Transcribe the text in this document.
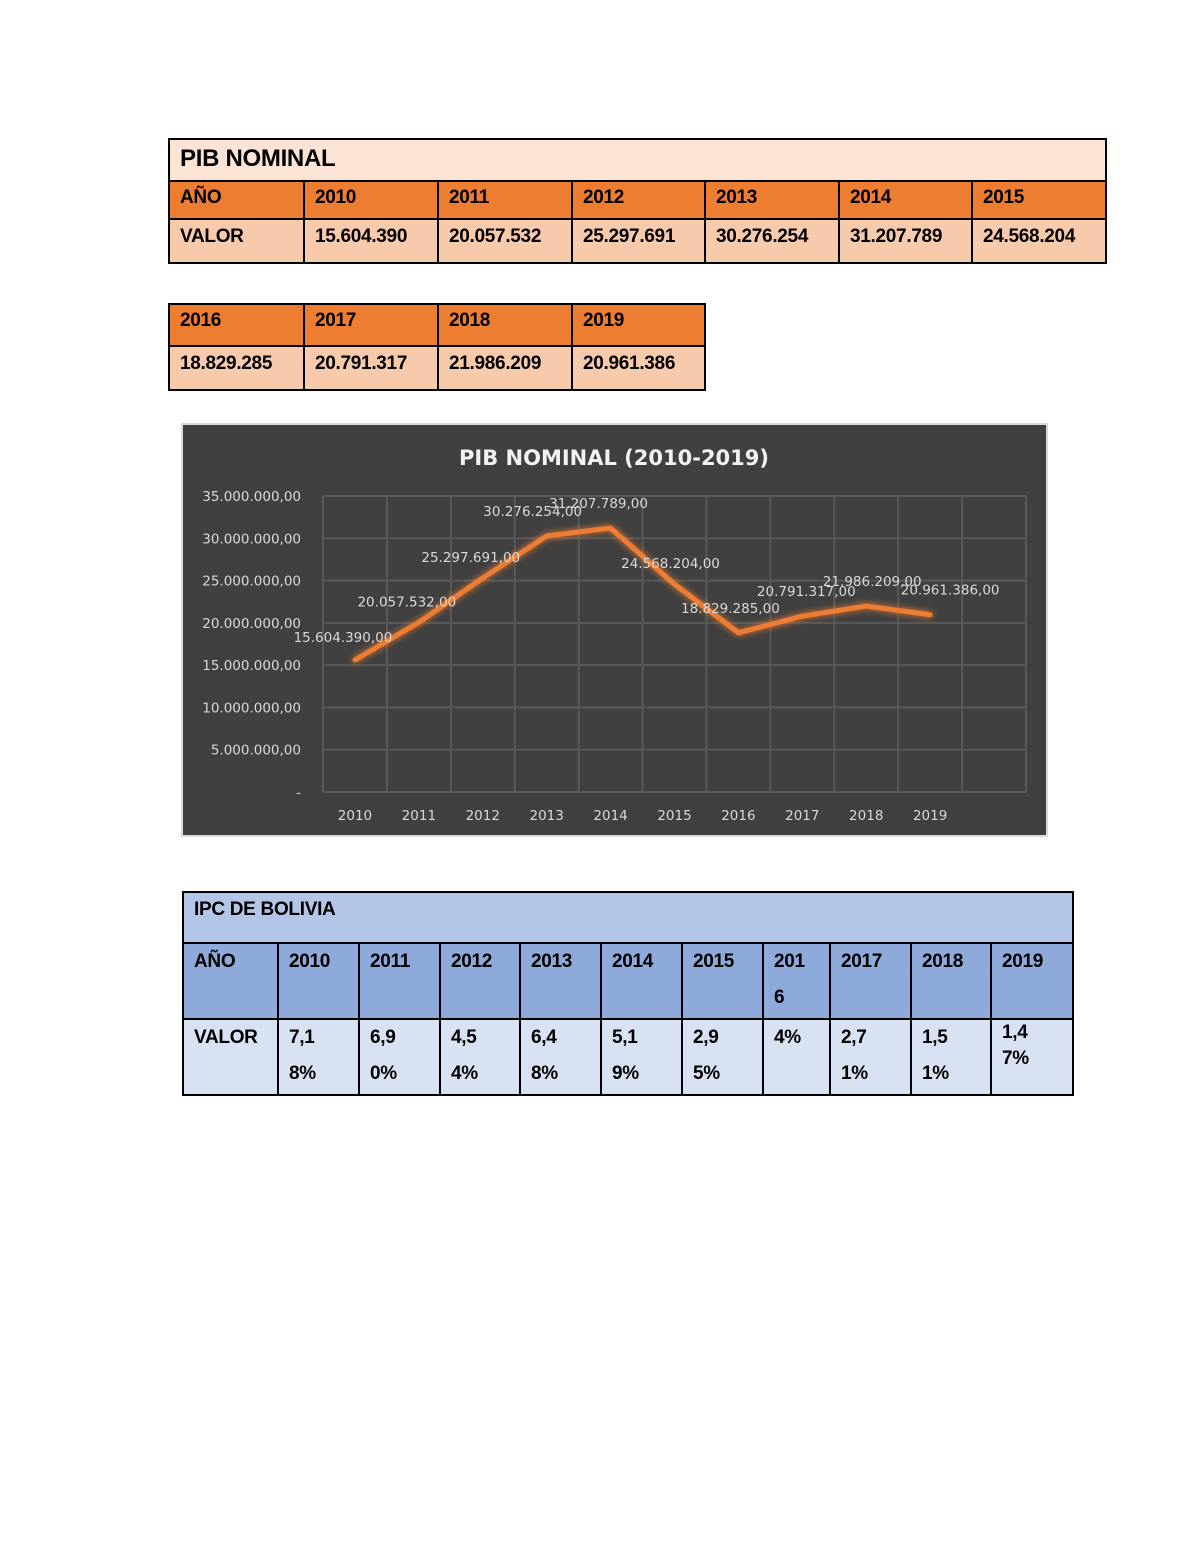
PIB NOMINAL						
AÑO	2010	2011	2012	2013	2014	2015
VALOR	15.604.390	20.057.532	25.297.691	30.276.254	31.207.789	24.568.204
2016	2017	2018	2019
18.829.285	20.791.317	21.986.209	20.961.386
PIB NOMINAL (2010-2019)
-
5.000.000,00
10.000.000,00
15.000.000,00
20.000.000,00
25.000.000,00
30.000.000,00
35.000.000,00
2010 2011 2012 2013 2014 2015 2016 2017 2018 2019
15.604.390,00
20.057.532,00
25.297.691,00
30.276.254,00
31.207.789,00
24.568.204,00
18.829.285,00
20.791.317,00
21.986.209,00
20.961.386,00
IPC DE BOLIVIA										
AÑO	2010	2011	2012	2013	2014	2015	2016	2017	2018	2019
VALOR	7,18%	6,90%	4,54%	6,48%	5,19%	2,95%	4%	2,71%	1,51%	1,47%
